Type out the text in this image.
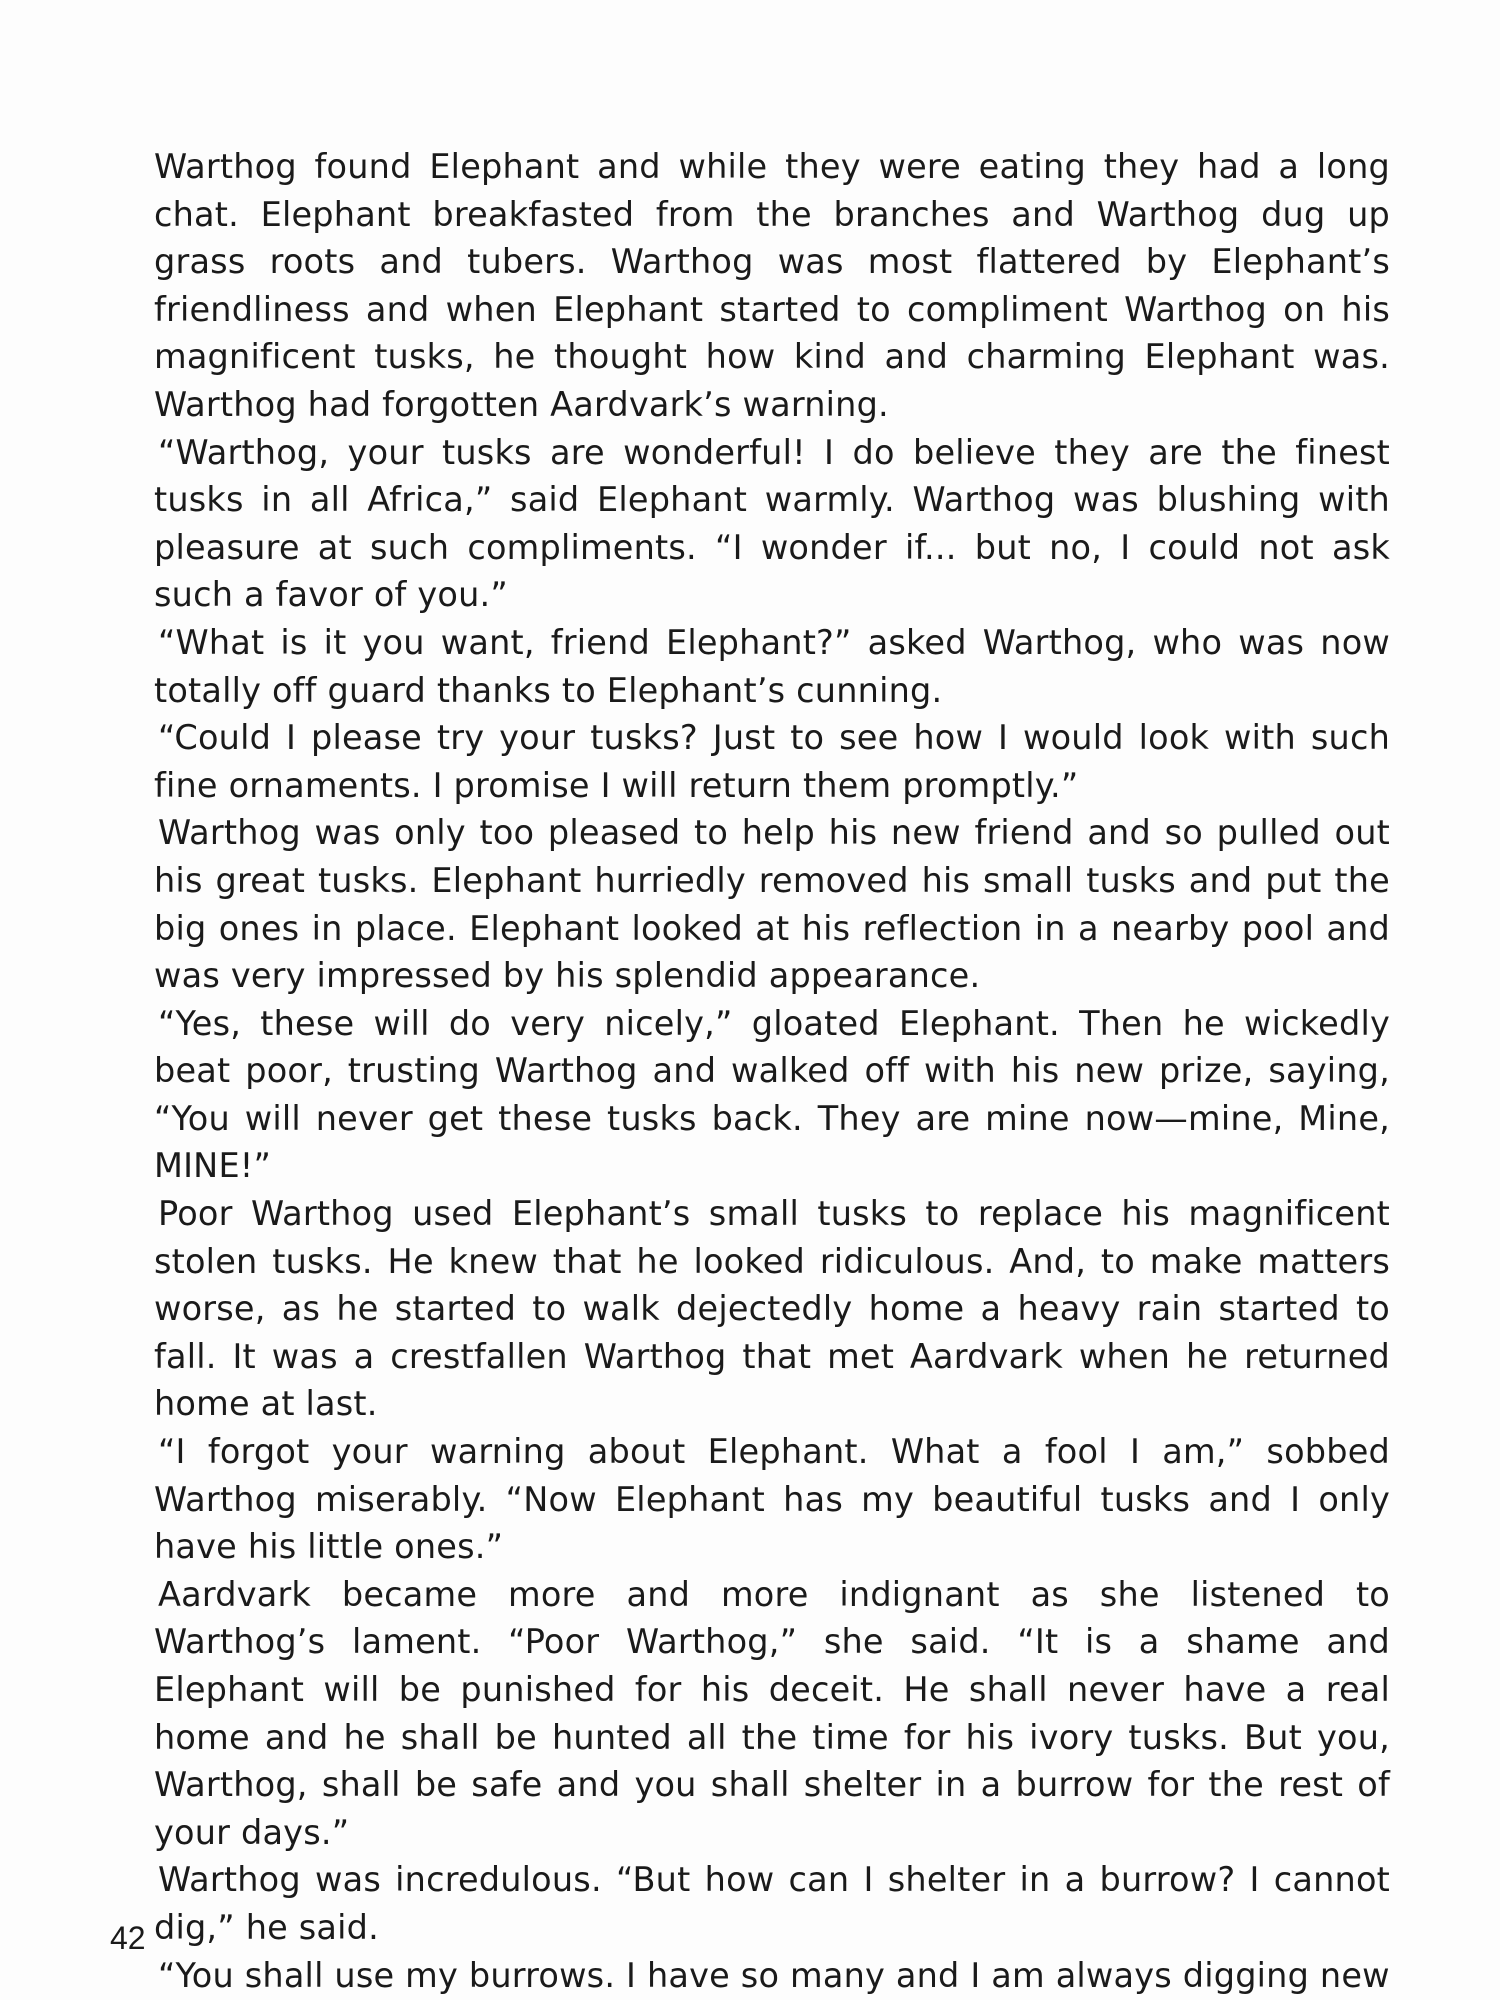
Warthog found Elephant and while they were eating they had a long chat. Elephant breakfasted from the branches and Warthog dug up grass roots and tubers. Warthog was most flattered by Elephant’s friendliness and when Elephant started to compliment Warthog on his magnificent tusks, he thought how kind and charming Elephant was. Warthog had forgotten Aardvark’s warning.

“Warthog, your tusks are wonderful! I do believe they are the finest tusks in all Africa,” said Elephant warmly. Warthog was blushing with pleasure at such compliments. “I wonder if... but no, I could not ask such a favor of you.”

“What is it you want, friend Elephant?” asked Warthog, who was now totally off guard thanks to Elephant’s cunning.

“Could I please try your tusks? Just to see how I would look with such fine ornaments. I promise I will return them promptly.”

Warthog was only too pleased to help his new friend and so pulled out his great tusks. Elephant hurriedly removed his small tusks and put the big ones in place. Elephant looked at his reflection in a nearby pool and was very impressed by his splendid appearance.

“Yes, these will do very nicely,” gloated Elephant. Then he wickedly beat poor, trusting Warthog and walked off with his new prize, saying, “You will never get these tusks back. They are mine now—mine, Mine, MINE!”

Poor Warthog used Elephant’s small tusks to replace his magnificent stolen tusks. He knew that he looked ridiculous. And, to make matters worse, as he started to walk dejectedly home a heavy rain started to fall. It was a crestfallen Warthog that met Aardvark when he returned home at last.

“I forgot your warning about Elephant. What a fool I am,” sobbed Warthog miserably. “Now Elephant has my beautiful tusks and I only have his little ones.”

Aardvark became more and more indignant as she listened to Warthog’s lament. “Poor Warthog,” she said. “It is a shame and Elephant will be punished for his deceit. He shall never have a real home and he shall be hunted all the time for his ivory tusks. But you, Warthog, shall be safe and you shall shelter in a burrow for the rest of your days.”

Warthog was incredulous. “But how can I shelter in a burrow? I cannot dig,” he said.

“You shall use my burrows. I have so many and I am always digging new

42
